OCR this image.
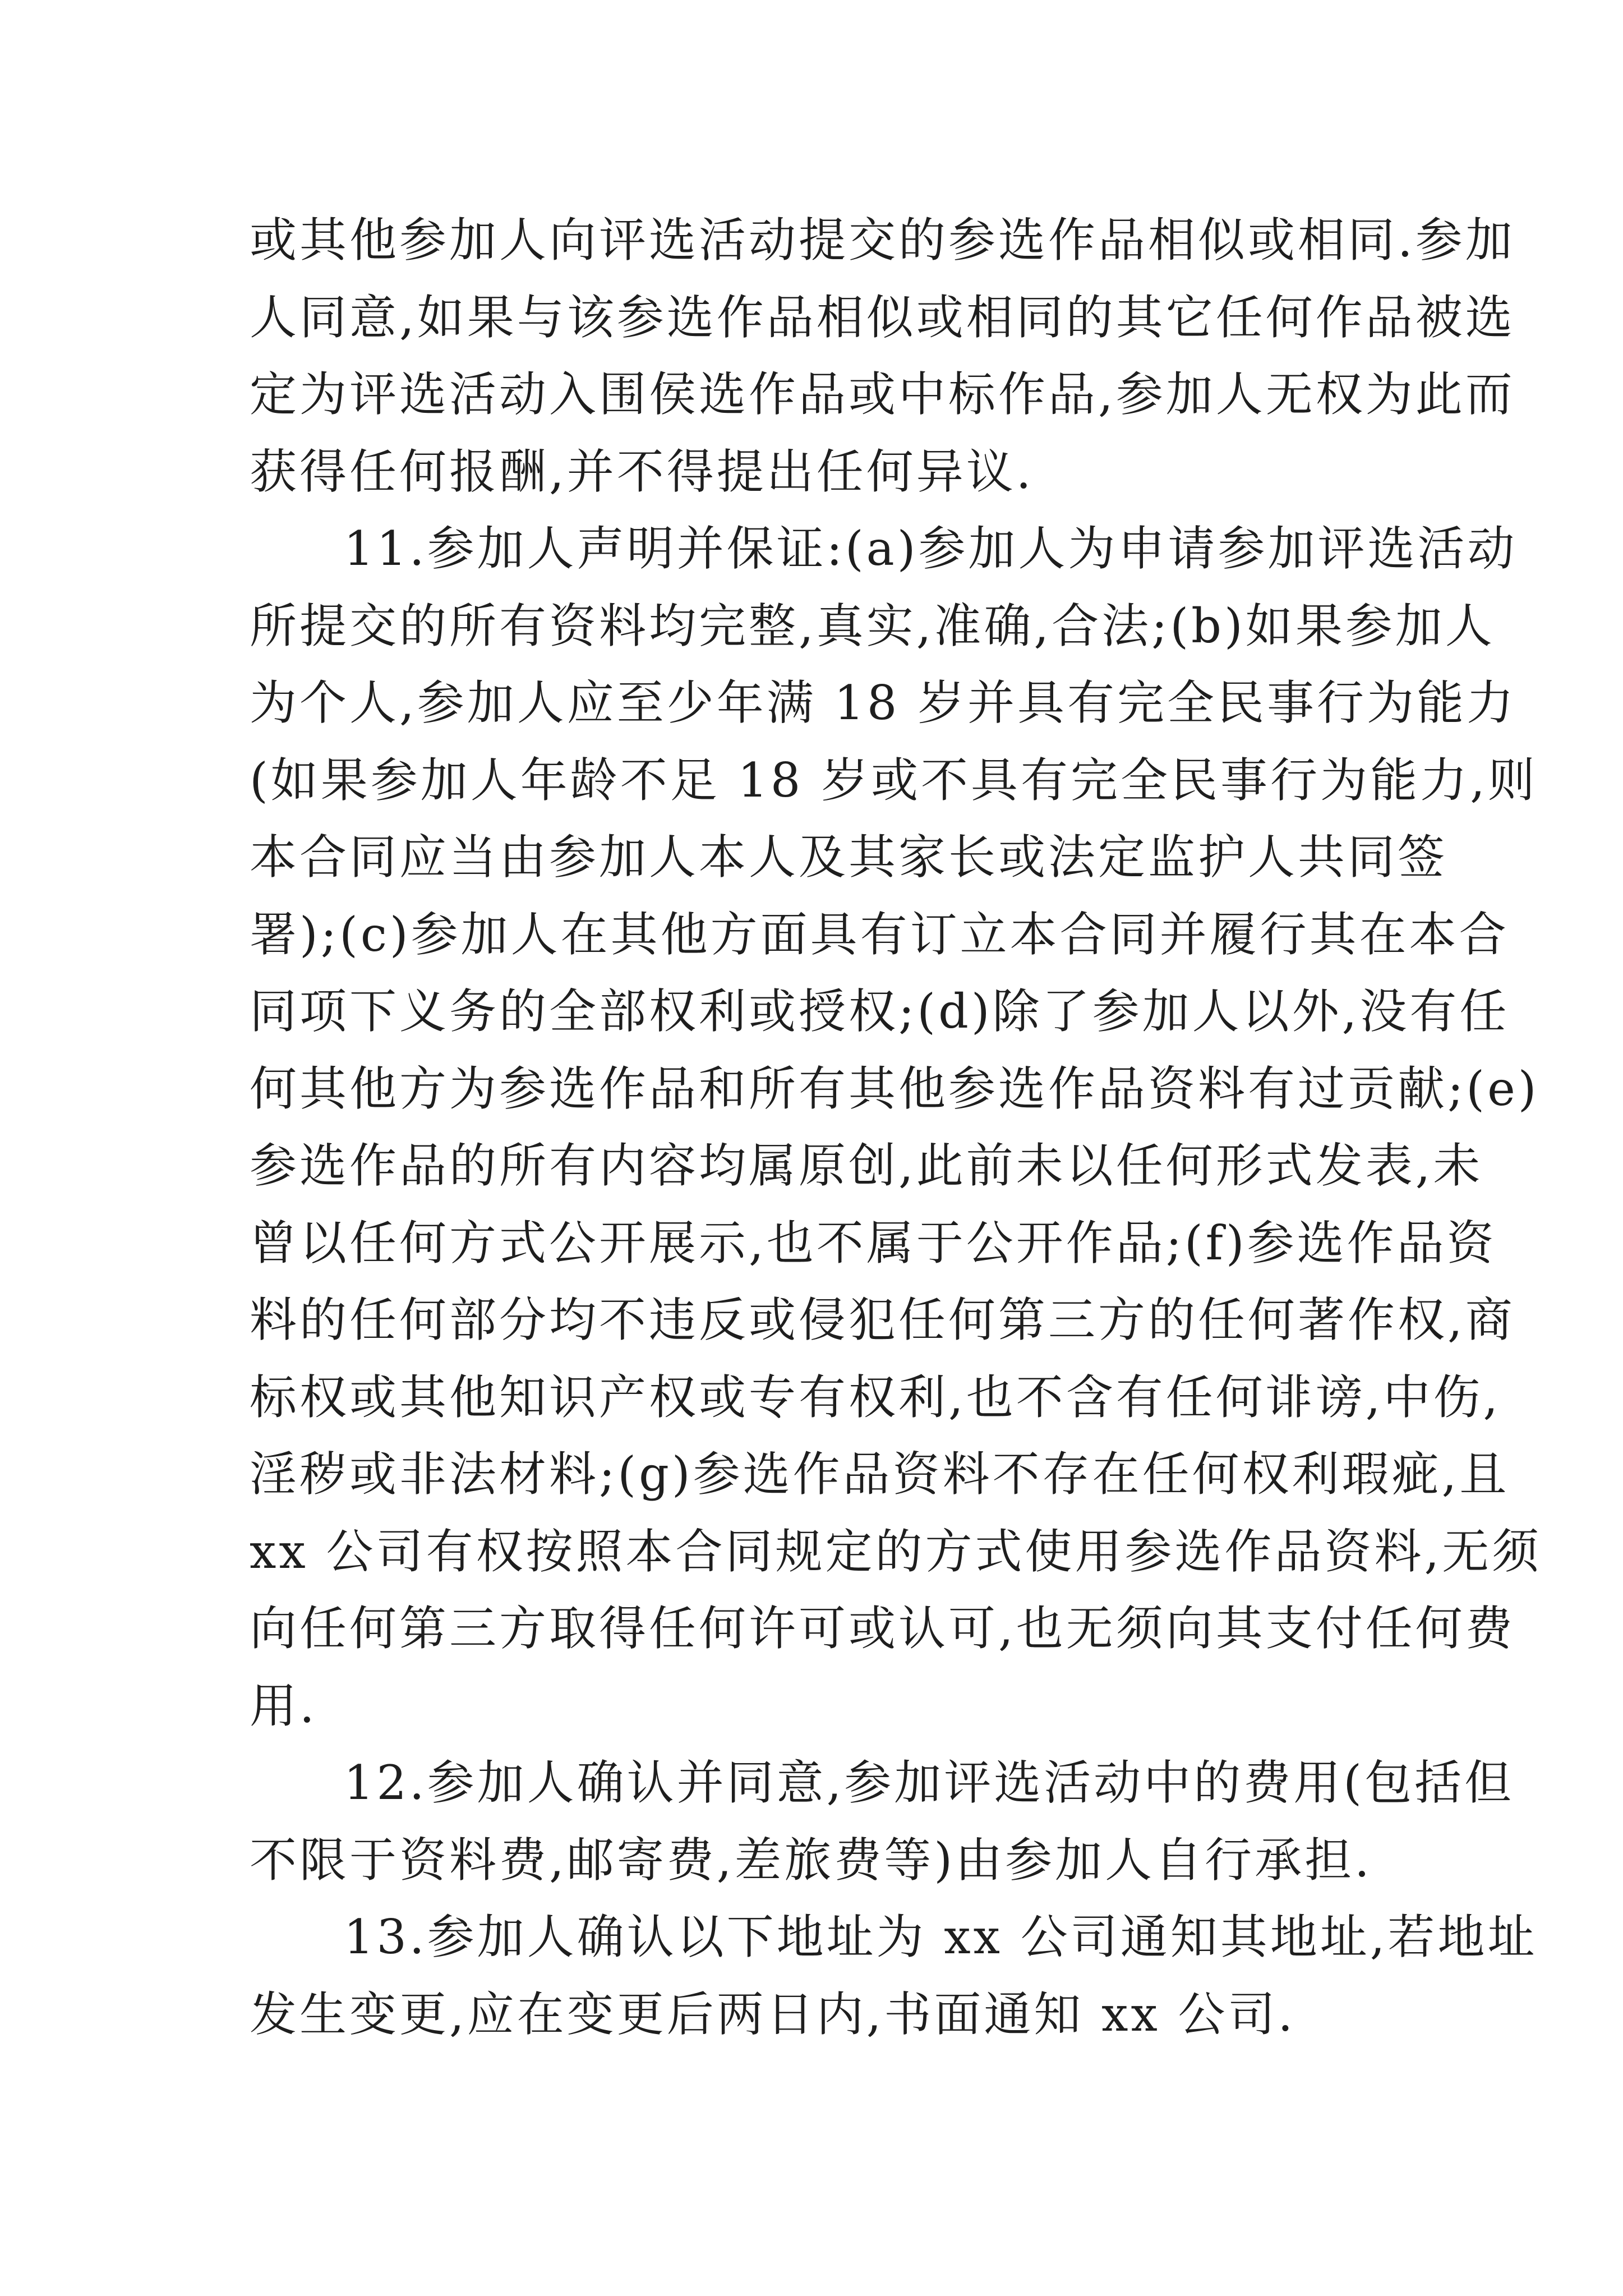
或其他参加人向评选活动提交的参选作品相似或相同.参加
人同意,如果与该参选作品相似或相同的其它任何作品被选
定为评选活动入围侯选作品或中标作品,参加人无权为此而
获得任何报酬,并不得提出任何异议.
11.参加人声明并保证:(a)参加人为申请参加评选活动
所提交的所有资料均完整,真实,准确,合法;(b)如果参加人
为个人,参加人应至少年满 18 岁并具有完全民事行为能力
(如果参加人年龄不足 18 岁或不具有完全民事行为能力,则
本合同应当由参加人本人及其家长或法定监护人共同签
署);(c)参加人在其他方面具有订立本合同并履行其在本合
同项下义务的全部权利或授权;(d)除了参加人以外,没有任
何其他方为参选作品和所有其他参选作品资料有过贡献;(e)
参选作品的所有内容均属原创,此前未以任何形式发表,未
曾以任何方式公开展示,也不属于公开作品;(f)参选作品资
料的任何部分均不违反或侵犯任何第三方的任何著作权,商
标权或其他知识产权或专有权利,也不含有任何诽谤,中伤,
淫秽或非法材料;(g)参选作品资料不存在任何权利瑕疵,且
xx 公司有权按照本合同规定的方式使用参选作品资料,无须
向任何第三方取得任何许可或认可,也无须向其支付任何费
用.
12.参加人确认并同意,参加评选活动中的费用(包括但
不限于资料费,邮寄费,差旅费等)由参加人自行承担.
13.参加人确认以下地址为 xx 公司通知其地址,若地址
发生变更,应在变更后两日内,书面通知 xx 公司.
